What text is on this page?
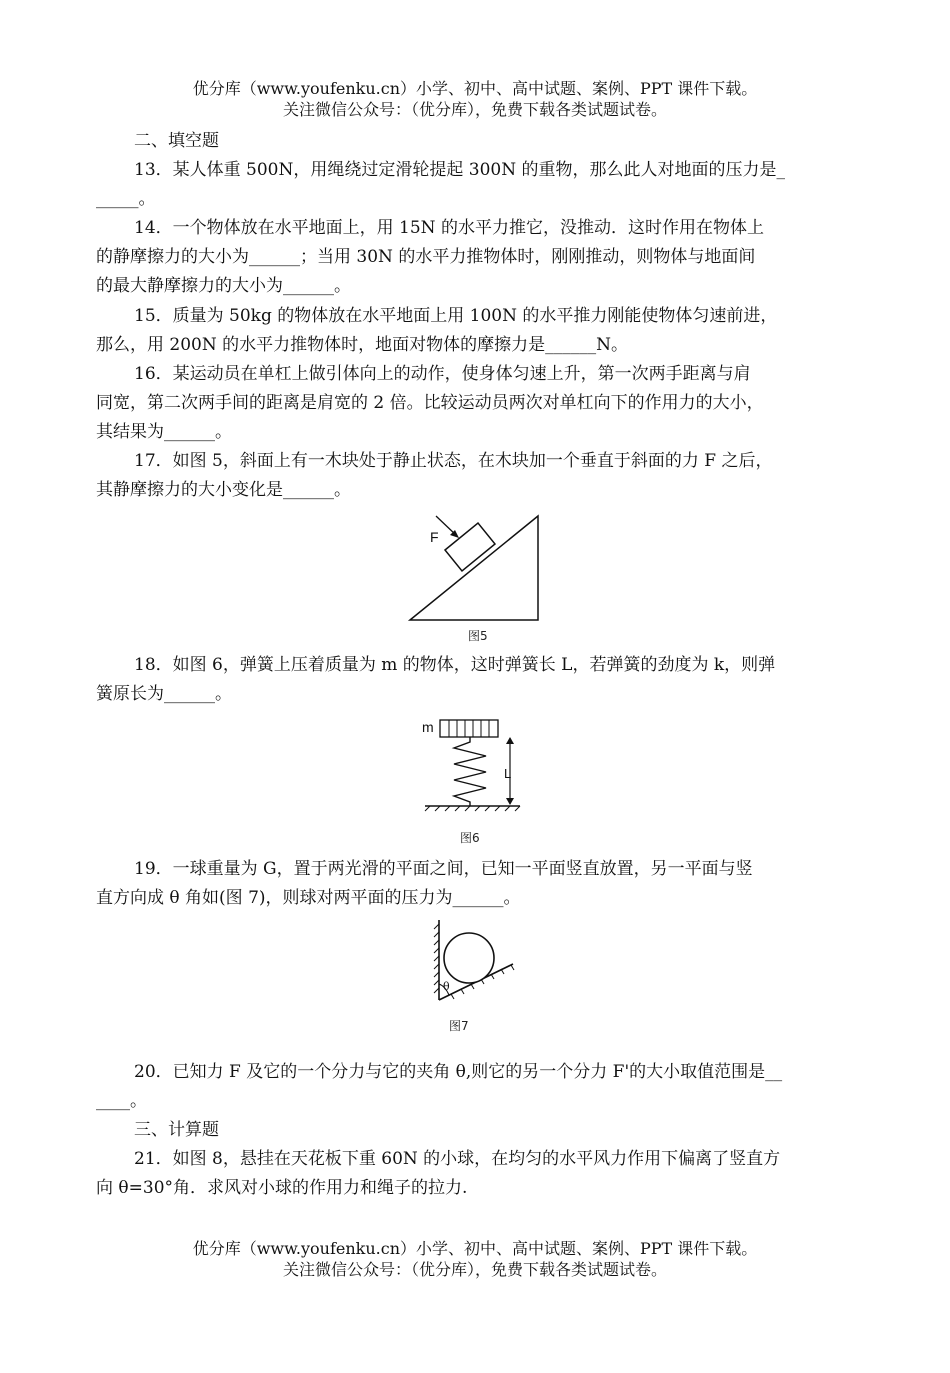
优分库（www.youfenku.cn）小学、初中、高中试题、案例、PPT 课件下载。
关注微信公众号：（优分库），免费下载各类试题试卷。

二、填空题

13．某人体重 500N，用绳绕过定滑轮提起 300N 的重物，那么此人对地面的压力是_
_____。
14．一个物体放在水平地面上，用 15N 的水平力推它，没推动．这时作用在物体上
的静摩擦力的大小为______；当用 30N 的水平力推物体时，刚刚推动，则物体与地面间
的最大静摩擦力的大小为______。
15．质量为 50kg 的物体放在水平地面上用 100N 的水平推力刚能使物体匀速前进，
那么，用 200N 的水平力推物体时，地面对物体的摩擦力是______N。
16．某运动员在单杠上做引体向上的动作，使身体匀速上升，第一次两手距离与肩
同宽，第二次两手间的距离是肩宽的 2 倍。比较运动员两次对单杠向下的作用力的大小，
其结果为______。
17．如图 5，斜面上有一木块处于静止状态，在木块加一个垂直于斜面的力 F 之后，
其静摩擦力的大小变化是______。
F
图5
18．如图 6，弹簧上压着质量为 m 的物体，这时弹簧长 L，若弹簧的劲度为 k，则弹
簧原长为______。
m
L
图6
19．一球重量为 G，置于两光滑的平面之间，已知一平面竖直放置，另一平面与竖
直方向成 θ 角如(图 7)，则球对两平面的压力为______。
θ
图7
20．已知力 F 及它的一个分力与它的夹角 θ,则它的另一个分力 F'的大小取值范围是__
____。

三、计算题

21．如图 8，悬挂在天花板下重 60N 的小球，在均匀的水平风力作用下偏离了竖直方
向 θ=30°角．求风对小球的作用力和绳子的拉力.
优分库（www.youfenku.cn）小学、初中、高中试题、案例、PPT 课件下载。
关注微信公众号：（优分库），免费下载各类试题试卷。
